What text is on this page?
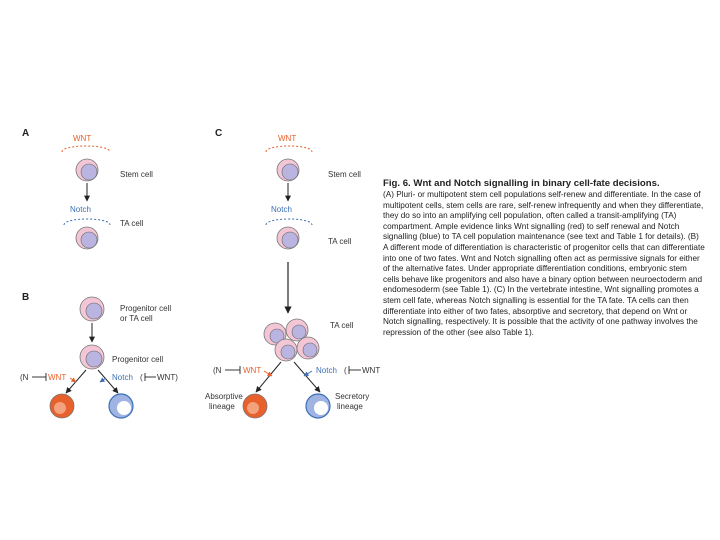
A	WNT
Stem cell
Notch
TA cell
B
Progenitor cell
or TA cell
Progenitor cell
(N WNT	Notch ( WNT)
C	WNT
Stem cell
Notch
TA cell
TA cell
(N	WNT	Notch ( WNT
Absorptive
lineage
Secretory
lineage
Fig. 6. Wnt and Notch signalling in binary cell-fate decisions.
(A) Pluri- or multipotent stem cell populations self-renew and differentiate. In the case of multipotent cells, stem cells are rare, self-renew infrequently and when they differentiate, they do so into an amplifying cell population, often called a transit-amplifying (TA) compartment. Ample evidence links Wnt signalling (red) to self renewal and Notch signalling (blue) to TA cell population maintenance (see text and Table 1 for details). (B) A different mode of differentiation is characteristic of progenitor cells that can differentiate into one of two fates. Wnt and Notch signalling often act as permissive signals for either of the alternative fates. Under appropriate differentiation conditions, embryonic stem cells behave like progenitors and also have a binary option between neuroectoderm and endomesoderm (see Table 1). (C) In the vertebrate intestine, Wnt signalling promotes a stem cell fate, whereas Notch signalling is essential for the TA fate. TA cells can then differentiate into either of two fates, absorptive and secretory, that depend on Wnt or Notch signalling, respectively. It is possible that the activity of one pathway involves the repression of the other (see also Table 1).
